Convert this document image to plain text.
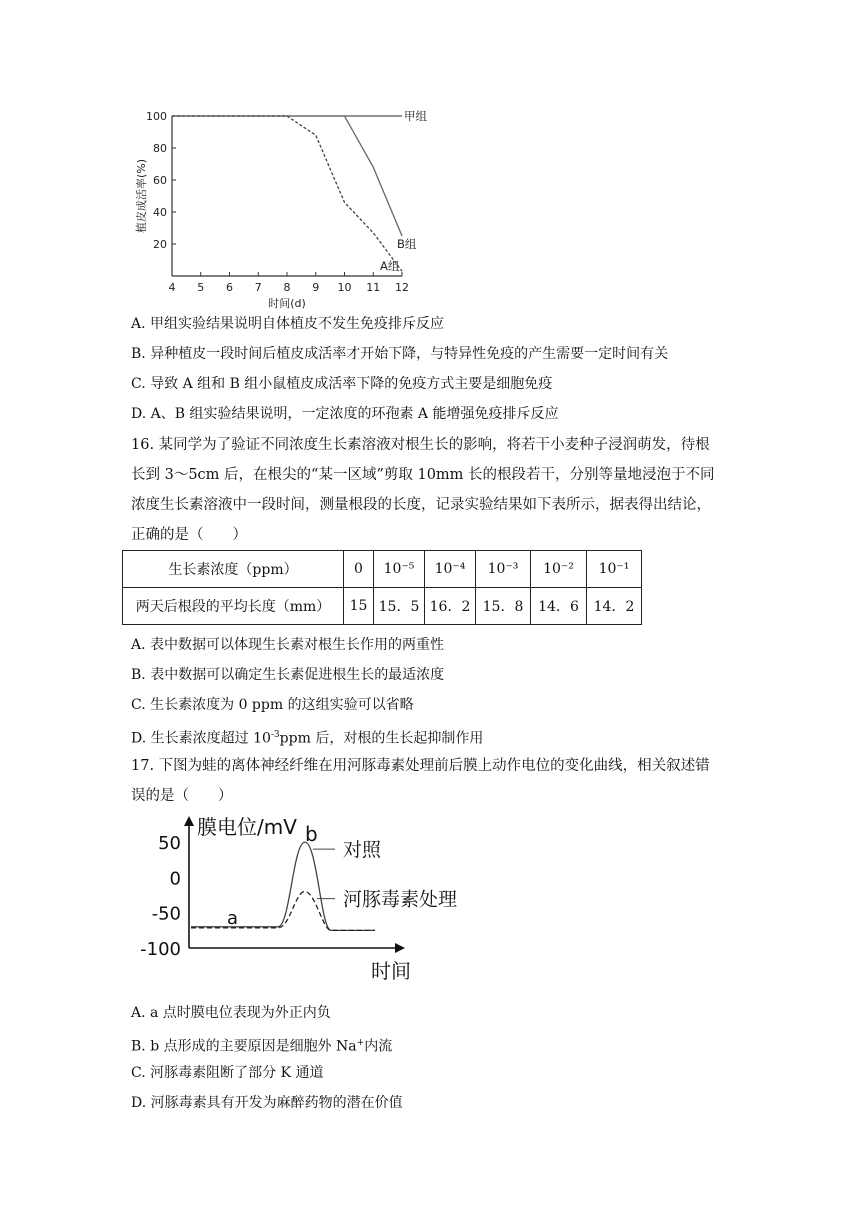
4 5 6 7 8 9 10 11 12
20
40
60
80
100
时间(d)
植皮成活率(%)
甲组
B组
A组
A. 甲组实验结果说明自体植皮不发生免疫排斥反应
B. 异种植皮一段时间后植皮成活率才开始下降，与特异性免疫的产生需要一定时间有关
C. 导致 A 组和 B 组小鼠植皮成活率下降的免疫方式主要是细胞免疫
D. A、B 组实验结果说明，一定浓度的环孢素 A 能增强免疫排斥反应
16. 某同学为了验证不同浓度生长素溶液对根生长的影响，将若干小麦种子浸润萌发，待根
长到 3～5cm 后，在根尖的“某一区域”剪取 10mm 长的根段若干，分别等量地浸泡于不同
浓度生长素溶液中一段时间，测量根段的长度，记录实验结果如下表所示，据表得出结论，
正确的是（　　）
生长素浓度（ppm）	0	10⁻⁵	10⁻⁴	10⁻³	10⁻²	10⁻¹
两天后根段的平均长度（mm）	15	15．5	16．2	15．8	14．6	14．2
A. 表中数据可以体现生长素对根生长作用的两重性
B. 表中数据可以确定生长素促进根生长的最适浓度
C. 生长素浓度为 0 ppm 的这组实验可以省略
D. 生长素浓度超过 $10^{-3}ppm$ 后，对根的生长起抑制作用
17. 下图为蛙的离体神经纤维在用河豚毒素处理前后膜上动作电位的变化曲线，相关叙述错
误的是（　　）
膜电位/mV
时间
50
0
-50
-100
对照
河豚毒素处理
a
b
A. a 点时膜电位表现为外正内负
B. b 点形成的主要原因是细胞外 Na+内流
C. 河豚毒素阻断了部分 K 通道
D. 河豚毒素具有开发为麻醉药物的潜在价值
